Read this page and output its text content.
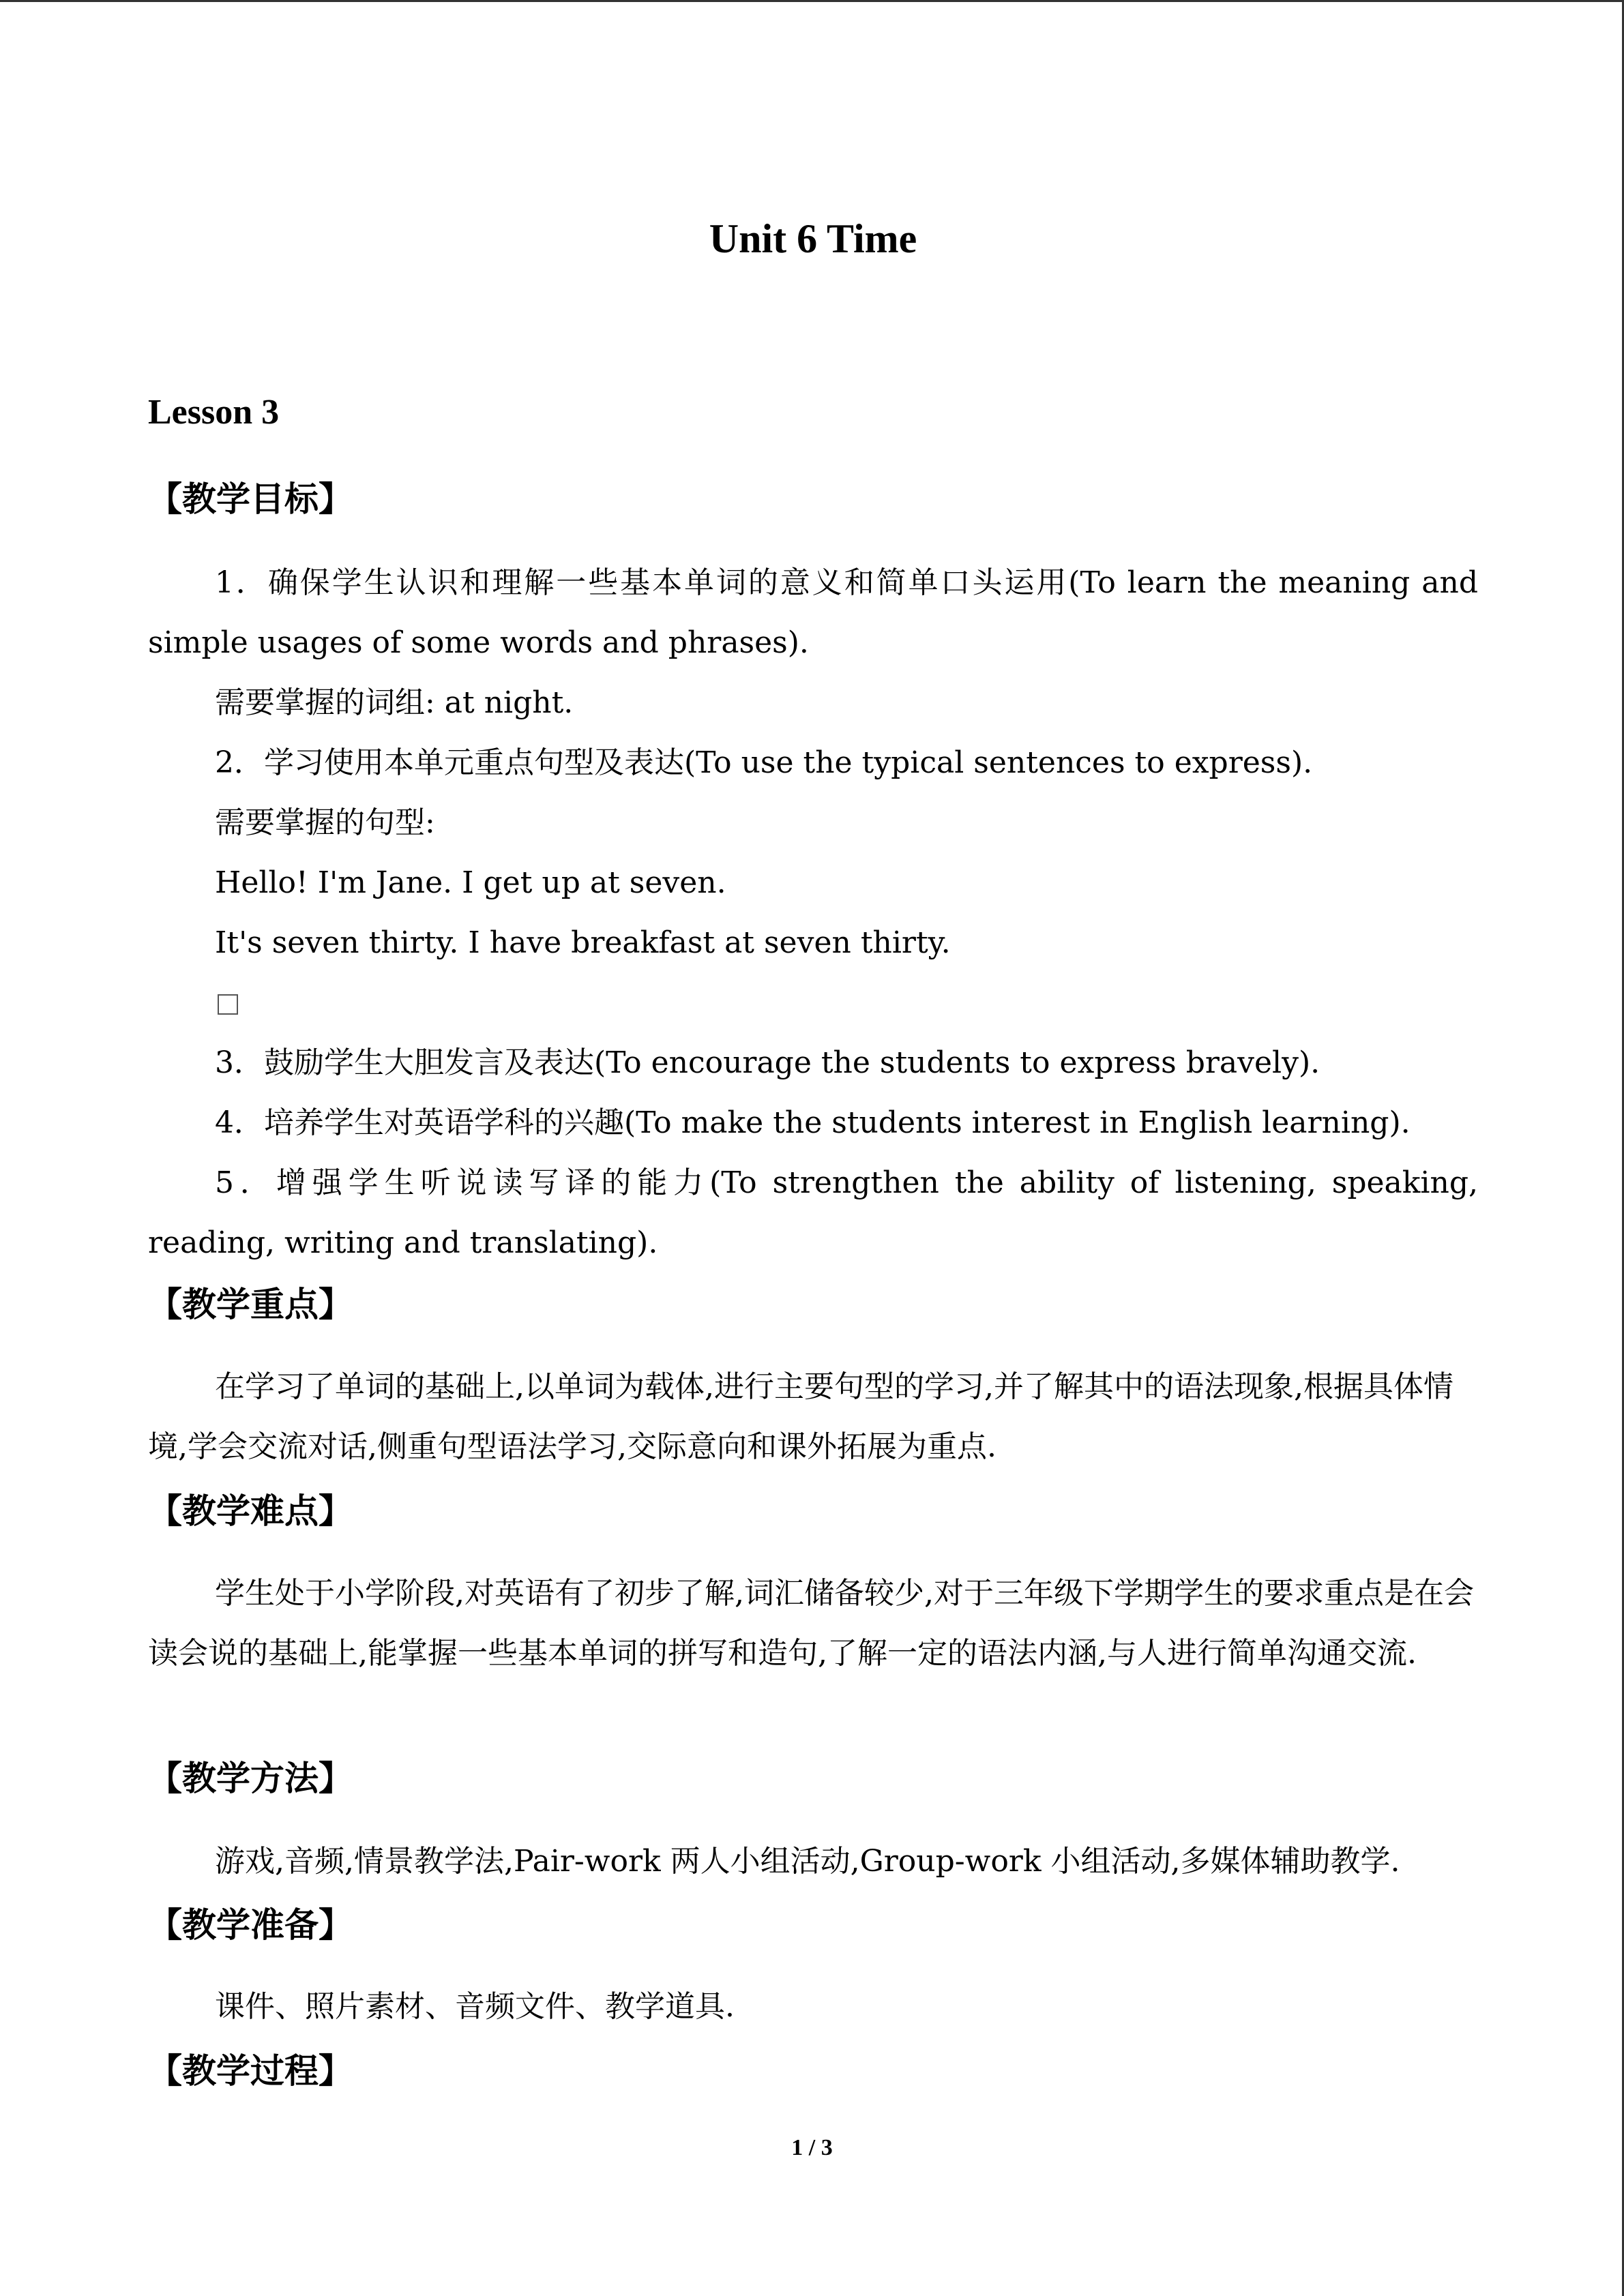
Unit 6 Time
Lesson 3
【教学目标】

1．确保学生认识和理解一些基本单词的意义和简单口头运用(To learn the meaning and simple usages of some words and phrases).

需要掌握的词组: at night.

2．学习使用本单元重点句型及表达(To use the typical sentences to express).

需要掌握的句型:

Hello! I'm Jane. I get up at seven.

It's seven thirty. I have breakfast at seven thirty.

3．鼓励学生大胆发言及表达(To encourage the students to express bravely).

4．培养学生对英语学科的兴趣(To make the students interest in English learning).

5．增强学生听说读写译的能力(To strengthen the ability of listening, speaking, reading, writing and translating).

【教学重点】

在学习了单词的基础上,以单词为载体,进行主要句型的学习,并了解其中的语法现象,根据具体情境,学会交流对话,侧重句型语法学习,交际意向和课外拓展为重点.

【教学难点】

学生处于小学阶段,对英语有了初步了解,词汇储备较少,对于三年级下学期学生的要求重点是在会读会说的基础上,能掌握一些基本单词的拼写和造句,了解一定的语法内涵,与人进行简单沟通交流.

【教学方法】

游戏,音频,情景教学法,Pair-work 两人小组活动,Group-work 小组活动,多媒体辅助教学.

【教学准备】

课件、照片素材、音频文件、教学道具.

【教学过程】

1 / 3
